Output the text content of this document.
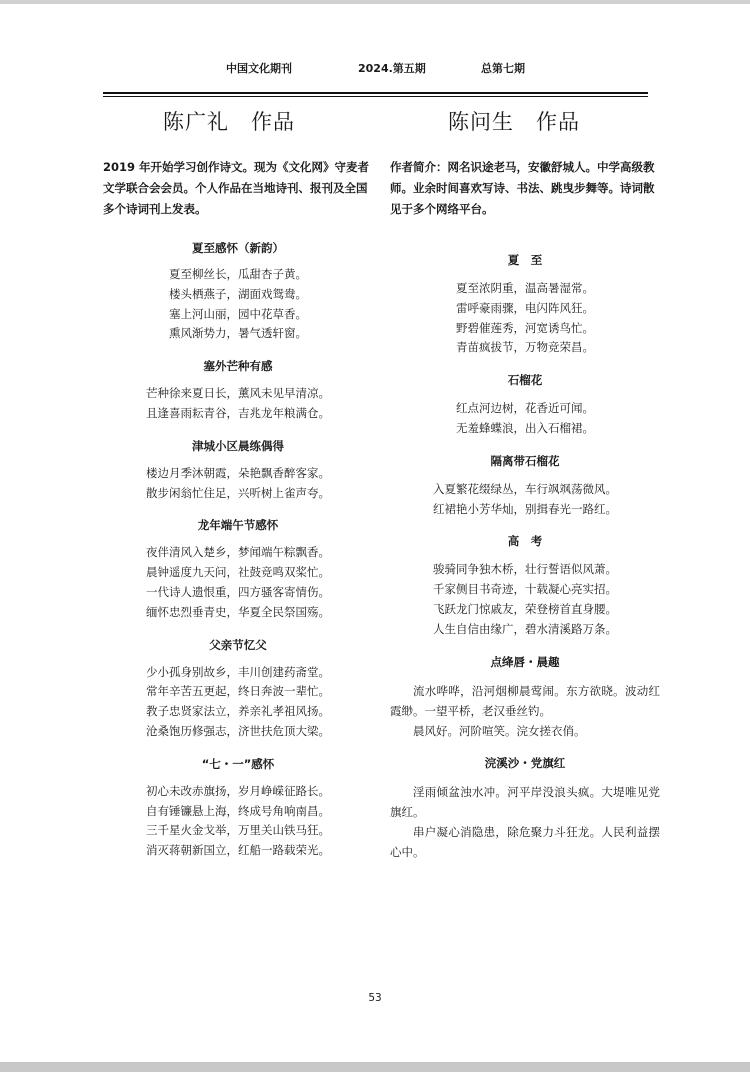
中国文化期刊	2024.第五期	总第七期
陈广礼　作品	陈问生　作品
2019 年开始学习创作诗文。现为《文化网》守麦者文学联合会会员。个人作品在当地诗刊、报刊及全国多个诗词刊上发表。
夏至感怀（新韵）
夏至柳丝长，瓜甜杏子黄。
楼头栖燕子，湖面戏鸳鸯。
塞上河山丽，园中花草香。
熏风渐势力，暑气透轩窗。
塞外芒种有感
芒种徐来夏日长，薰风未见早清凉。
且逢喜雨耘青谷，吉兆龙年粮满仓。
津城小区晨练偶得
楼边月季沐朝霞，朵艳飘香醉客家。
散步闲翁忙住足，兴听树上雀声夸。
龙年端午节感怀
夜伴清风入楚乡，梦闻端午粽飘香。
晨钟遥度九天问，社鼓竞鸣双桨忙。
一代诗人遗恨重，四方骚客寄情伤。
缅怀忠烈垂青史，华夏全民祭国殇。
父亲节忆父
少小孤身别故乡，丰川创建药斋堂。
常年辛苦五更起，终日奔波一辈忙。
教子忠贤家法立，养亲礼孝祖风扬。
沧桑饱历修强志，济世扶危顶大梁。
“七・一”感怀
初心未改赤旗扬，岁月峥嵘征路长。
自有锤镰悬上海，终成号角响南昌。
三千星火金戈举，万里关山铁马狂。
消灭蒋朝新国立，红船一路载荣光。
作者简介：网名识途老马，安徽舒城人。中学高级教师。业余时间喜欢写诗、书法、跳曳步舞等。诗词散见于多个网络平台。
夏　至
夏至浓阴重，温高暑湿常。
雷呼豪雨骤，电闪阵风狂。
野碧催莲秀，河宽诱鸟忙。
青苗疯拔节，万物竞荣昌。
石榴花
红点河边树，花香近可闻。
无羞蜂蝶浪，出入石榴裙。
隔离带石榴花
入夏繁花缀绿丛，车行飒飒荡微风。
红裙艳小芳华灿，别揖春光一路红。
高　考
骏骑同争独木桥，壮行誓语似风萧。
千家侧目书奇迹，十载凝心亮实招。
飞跃龙门惊戚友，荣登榜首直身腰。
人生自信由缘广，碧水清溪路万条。
点绛唇・晨趣
流水哗哗，沿河烟柳晨莺闹。东方欲晓。波动红霞缈。一望平桥，老汉垂丝钓。
晨风好。河阶喧笑。浣女搓衣俏。
浣溪沙・党旗红
淫雨倾盆浊水冲。河平岸没浪头疯。大堤唯见党旗红。
串户凝心消隐患，除危聚力斗狂龙。人民利益摆心中。
53
